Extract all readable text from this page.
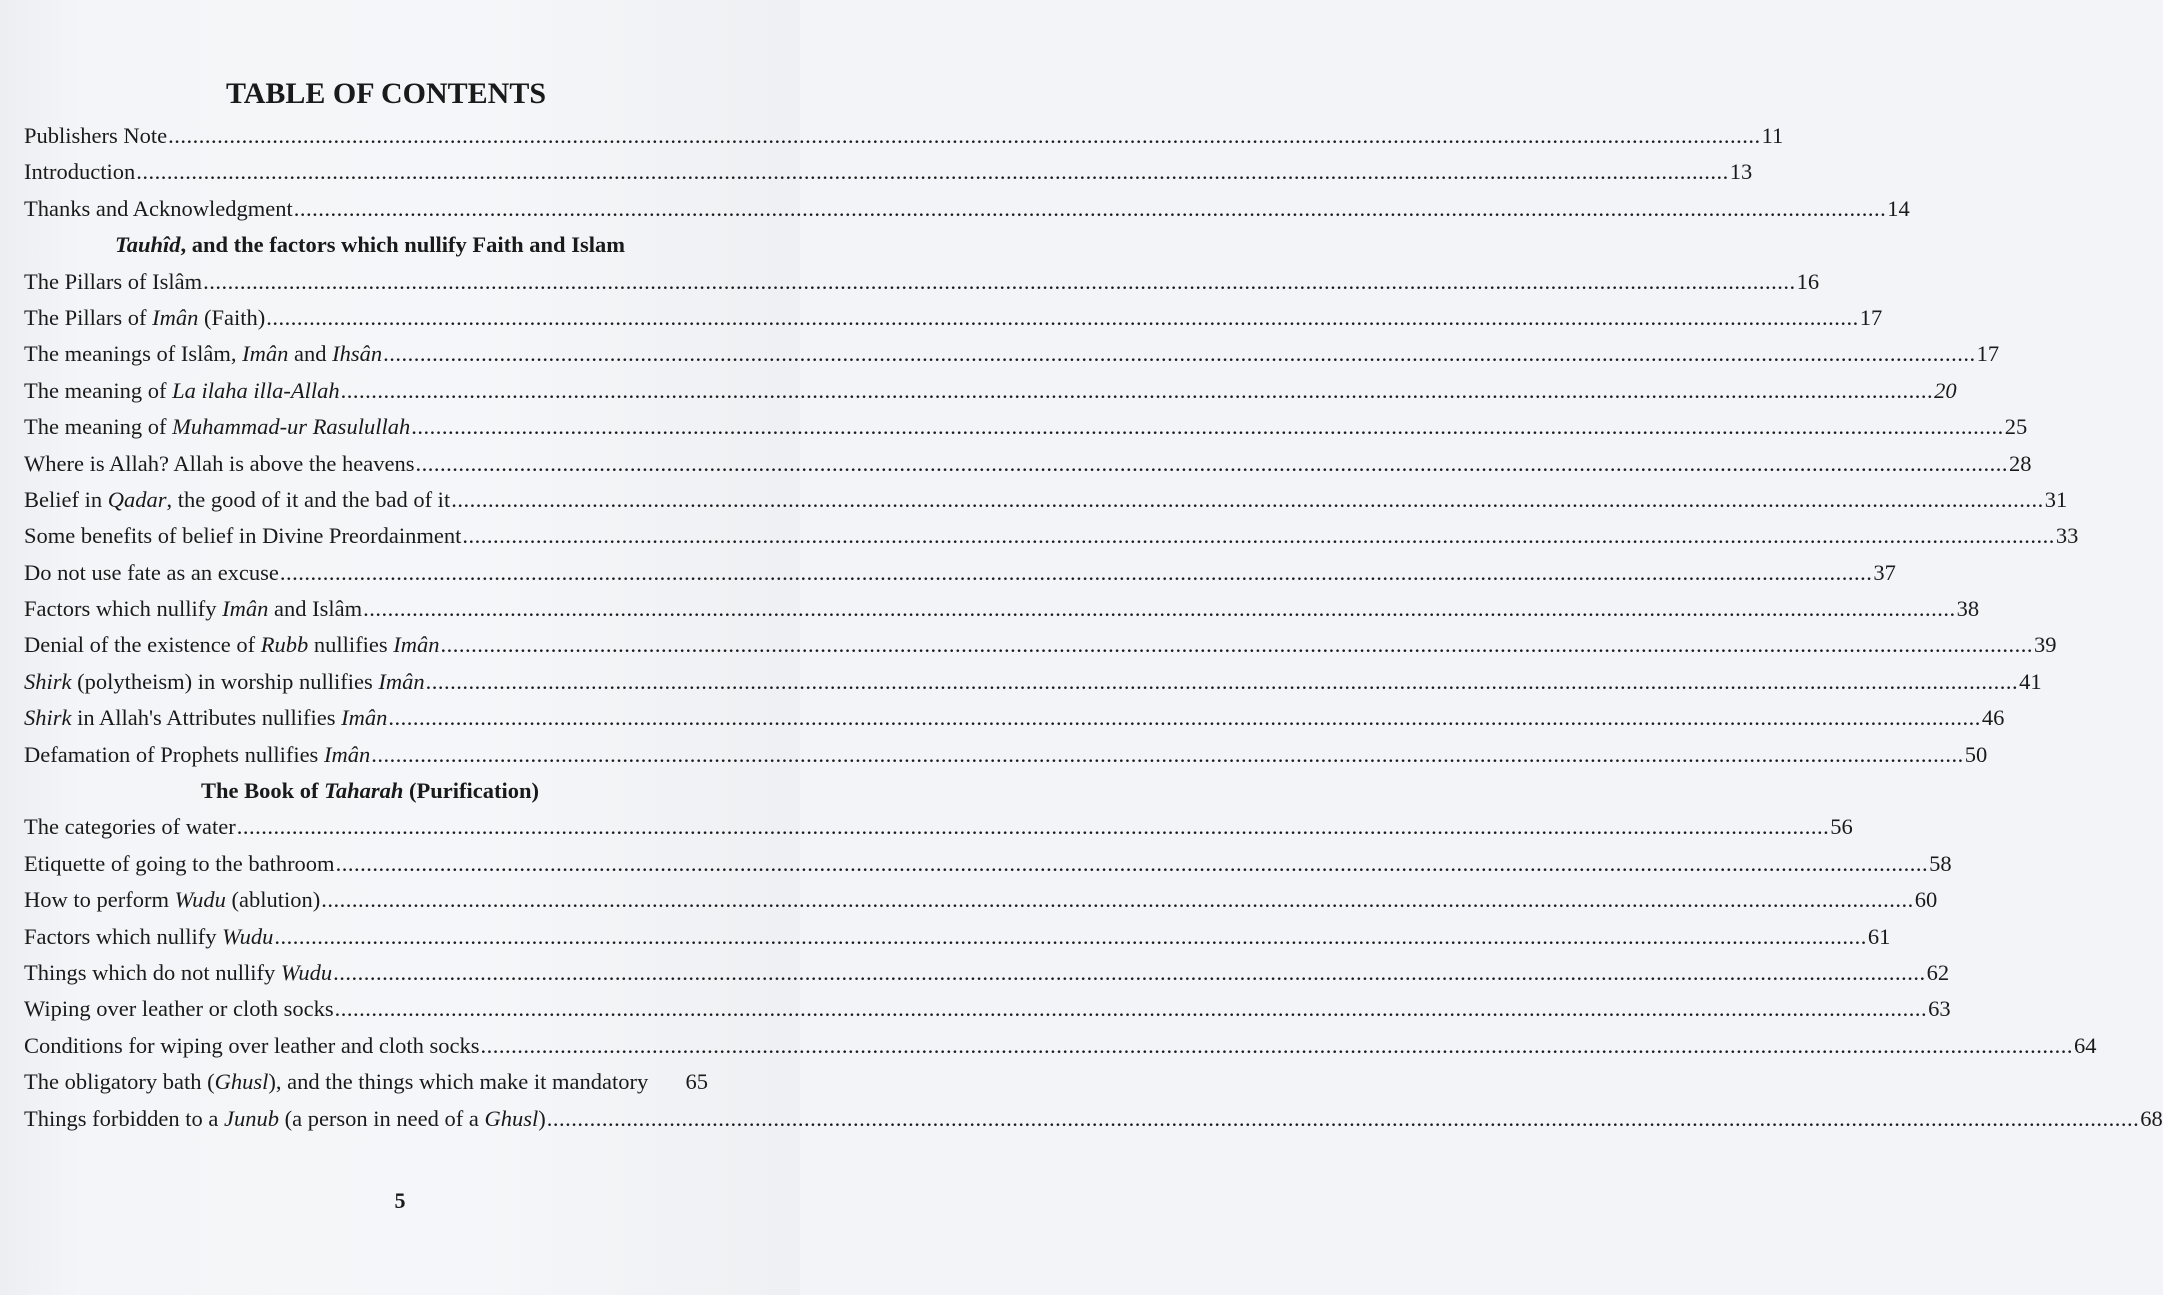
TABLE OF CONTENTS
Publishers Note .................................................................................................................................................................................................................................................................... 11
Introduction .................................................................................................................................................................................................................................................................... 13
Thanks and Acknowledgment .................................................................................................................................................................................................................................................................... 14
Tauhîd, and the factors which nullify Faith and Islam
The Pillars of Islâm .................................................................................................................................................................................................................................................................... 16
The Pillars of Imân (Faith) .................................................................................................................................................................................................................................................................... 17
The meanings of Islâm, Imân and Ihsân .................................................................................................................................................................................................................................................................... 17
The meaning of La ilaha illa-Allah .................................................................................................................................................................................................................................................................... 20
The meaning of Muhammad-ur Rasulullah .................................................................................................................................................................................................................................................................... 25
Where is Allah? Allah is above the heavens .................................................................................................................................................................................................................................................................... 28
Belief in Qadar, the good of it and the bad of it .................................................................................................................................................................................................................................................................... 31
Some benefits of belief in Divine Preordainment .................................................................................................................................................................................................................................................................... 33
Do not use fate as an excuse .................................................................................................................................................................................................................................................................... 37
Factors which nullify Imân and Islâm .................................................................................................................................................................................................................................................................... 38
Denial of the existence of Rubb nullifies Imân .................................................................................................................................................................................................................................................................... 39
Shirk (polytheism) in worship nullifies Imân .................................................................................................................................................................................................................................................................... 41
Shirk in Allah's Attributes nullifies Imân .................................................................................................................................................................................................................................................................... 46
Defamation of Prophets nullifies Imân .................................................................................................................................................................................................................................................................... 50
The Book of Taharah (Purification)
The categories of water .................................................................................................................................................................................................................................................................... 56
Etiquette of going to the bathroom .................................................................................................................................................................................................................................................................... 58
How to perform Wudu (ablution) .................................................................................................................................................................................................................................................................... 60
Factors which nullify Wudu .................................................................................................................................................................................................................................................................... 61
Things which do not nullify Wudu .................................................................................................................................................................................................................................................................... 62
Wiping over leather or cloth socks .................................................................................................................................................................................................................................................................... 63
Conditions for wiping over leather and cloth socks .................................................................................................................................................................................................................................................................... 64
The obligatory bath (Ghusl), and the things which make it mandatory 65
Things forbidden to a Junub (a person in need of a Ghusl) .................................................................................................................................................................................................................................................................... 68
5
